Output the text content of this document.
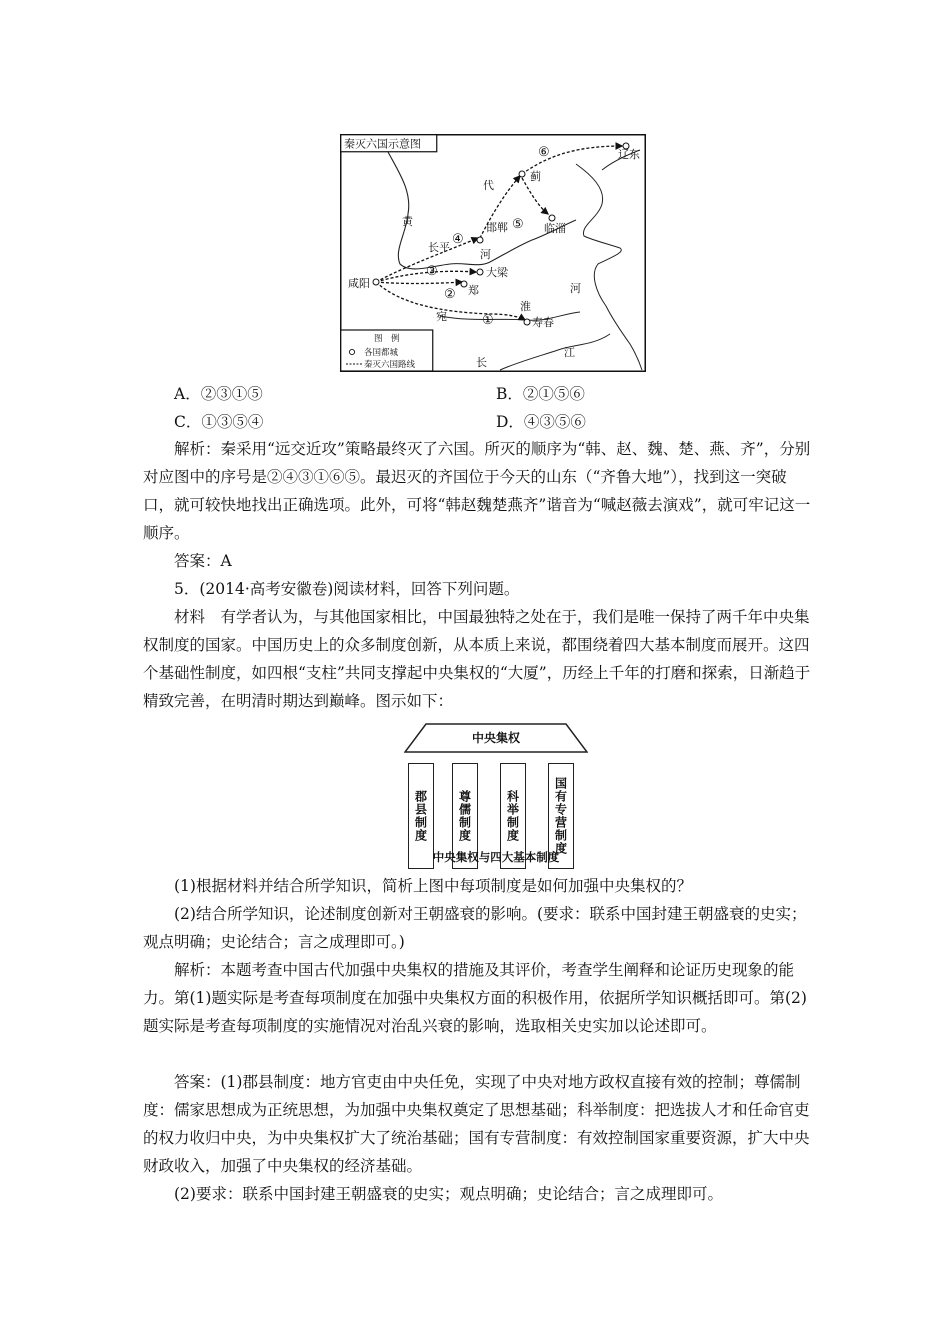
秦灭六国示意图
代
蓟
辽东
黄
河
长平
邯郸	临淄
咸阳
大梁
郑
宛
淮
河
寿春
长
江
①
②
③
④
⑤
⑥
图　例
各国都城
秦灭六国路线
A．②③①⑤	B．②①⑤⑥
C．①③⑤④	D．④③⑤⑥

解析：秦采用“远交近攻”策略最终灭了六国。所灭的顺序为“韩、赵、魏、楚、燕、齐”，分别对应图中的序号是②④③①⑥⑤。最迟灭的齐国位于今天的山东（“齐鲁大地”），找到这一突破口，就可较快地找出正确选项。此外，可将“韩赵魏楚燕齐”谐音为“喊赵薇去演戏”，就可牢记这一顺序。

答案：A

5．(2014·高考安徽卷)阅读材料，回答下列问题。

材料　有学者认为，与其他国家相比，中国最独特之处在于，我们是唯一保持了两千年中央集权制度的国家。中国历史上的众多制度创新，从本质上来说，都围绕着四大基本制度而展开。这四个基础性制度，如四根“支柱”共同支撑起中央集权的“大厦”，历经上千年的打磨和探索，日渐趋于精致完善，在明清时期达到巅峰。图示如下：

中央集权
郡县制度	尊儒制度	科举制度	国有专营制度
中央集权与四大基本制度

(1)根据材料并结合所学知识，简析上图中每项制度是如何加强中央集权的？

(2)结合所学知识，论述制度创新对王朝盛衰的影响。(要求：联系中国封建王朝盛衰的史实；观点明确；史论结合；言之成理即可。)

解析：本题考查中国古代加强中央集权的措施及其评价，考查学生阐释和论证历史现象的能力。第(1)题实际是考查每项制度在加强中央集权方面的积极作用，依据所学知识概括即可。第(2)题实际是考查每项制度的实施情况对治乱兴衰的影响，选取相关史实加以论述即可。

答案：(1)郡县制度：地方官吏由中央任免，实现了中央对地方政权直接有效的控制；尊儒制度：儒家思想成为正统思想，为加强中央集权奠定了思想基础；科举制度：把选拔人才和任命官吏的权力收归中央，为中央集权扩大了统治基础；国有专营制度：有效控制国家重要资源，扩大中央财政收入，加强了中央集权的经济基础。

(2)要求：联系中国封建王朝盛衰的史实；观点明确；史论结合；言之成理即可。
